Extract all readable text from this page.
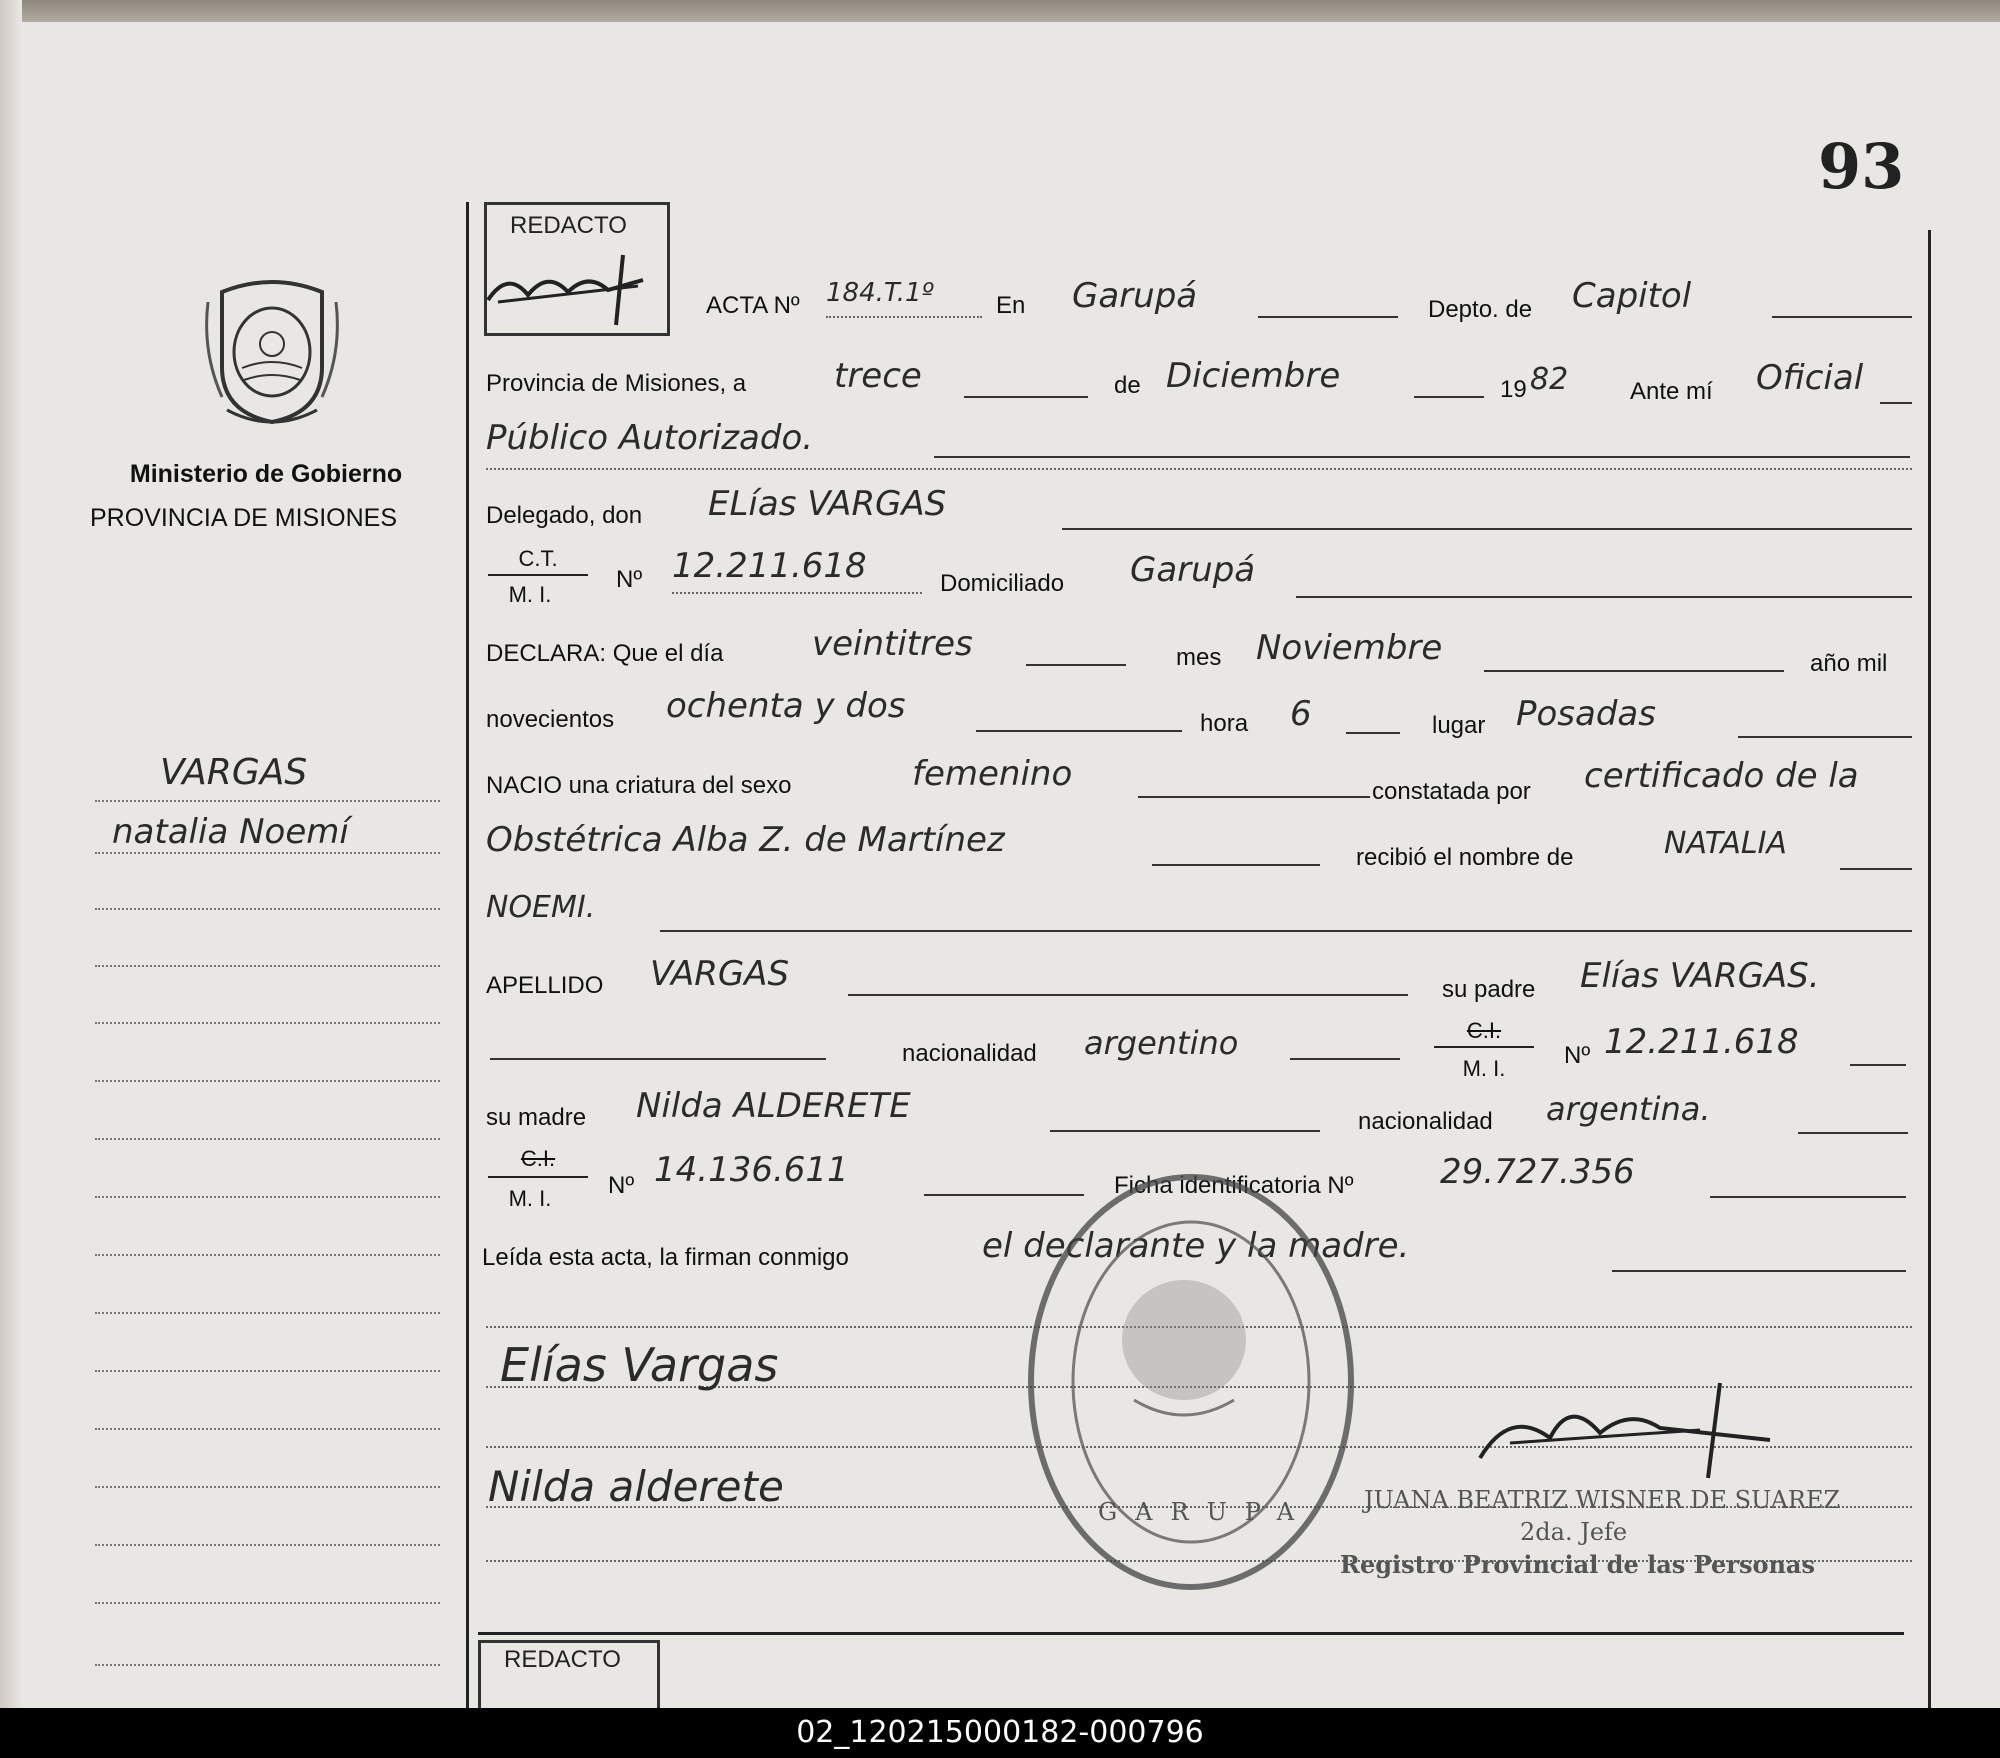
93
Ministerio de Gobierno
PROVINCIA DE MISIONES
VARGAS
natalia Noemí
REDACTO
REDACTO
ACTA Nº 184.T.1º	En Garupá	Depto. de Capitol
Provincia de Misiones, a	trece	de Diciembre	19 82	Ante mí Oficial
Público Autorizado.
Delegado, don ELías VARGAS
C.T.
M. I.
Nº 12.211.618	Domiciliado Garupá
DECLARA: Que el día	veintitres	mes Noviembre	año mil
novecientos ochenta y dos	hora 6	lugar Posadas
NACIO una criatura del sexo	femenino	constatada por certificado de la
Obstétrica Alba Z. de Martínez	recibió el nombre de	NATALIA
NOEMI.
APELLIDO VARGAS	su padre Elías VARGAS.
nacionalidad argentino	C.I.
M. I.	Nº 12.211.618
su madre Nilda ALDERETE	nacionalidad argentina.
C.I.
M. I.	Nº 14.136.611	Ficha identificatoria Nº	29.727.356
Leída esta acta, la firman conmigo	el declarante y la madre.
Elías Vargas
Nilda alderete
GARUPA JUANA BEATRIZ WISNER DE SUAREZ
2da. Jefe
Registro Provincial de las Personas
02_120215000182-000796
